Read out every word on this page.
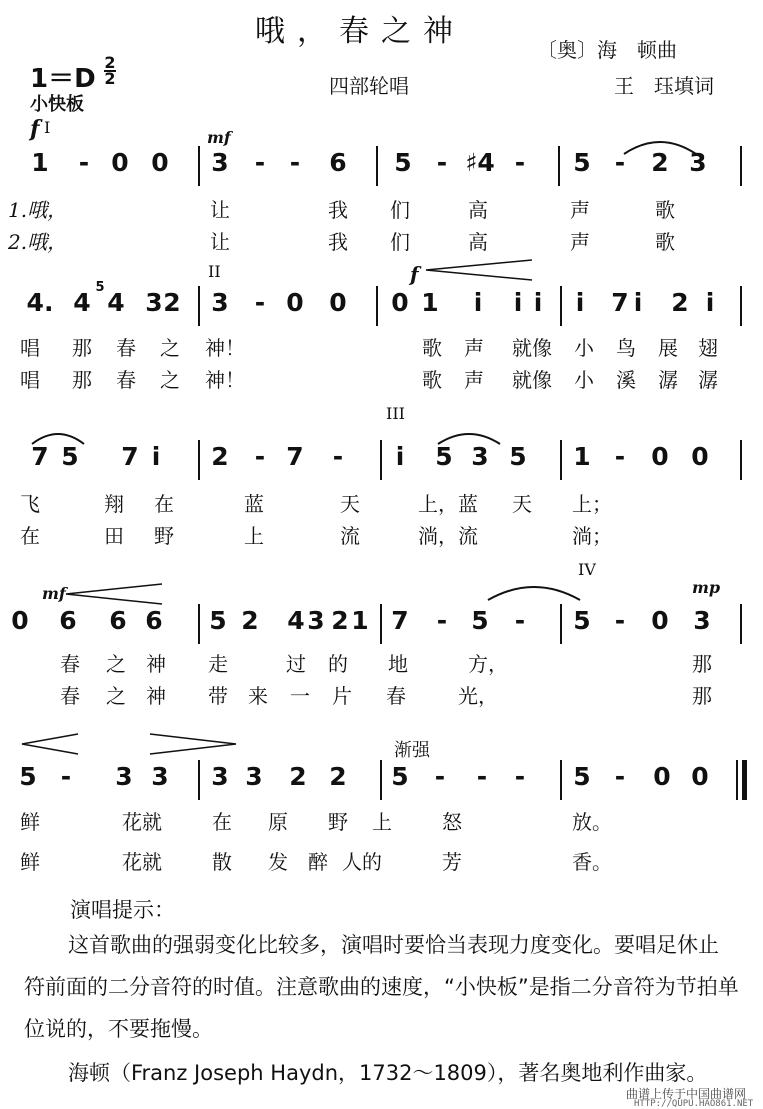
哦，春之神
〔奥〕海　顿曲
四部轮唱	王　珏填词
1＝D
2
2
小快板
f I
mf
1 - 0 0 3 - - 6 5 - ♯4 - 5 - 2 3
1.哦，	让	我 们	高	声	歌
2.哦，	让	我 们	高	声	歌
II	f
4. 4
5
4 3 2 3 - 0 0 0 1 i i i i 7 i 2 i
唱 那 春 之 神！	歌 声 就像 小 鸟 展 翅
唱 那 春 之 神！	歌 声 就像 小 溪 潺 潺
III
7 5 7 i 2 - 7 - i 5 3 5 1 - 0 0
飞	翔 在	蓝	天	上，蓝 天 上；
在	田 野	上	流	淌，流	淌；
mf
IV
mp
0 6 6 6 5 2 4 3 2 1 7 - 5 - 5 - 0 3
春 之 神 走	过 的 地	方，	那
春 之 神 带 来 一 片 春	光，	那
渐强
5 - 3 3 3 3 2 2 5 - - - 5 - 0 0
鲜	花就	在 原 野 上	怒	放。
鲜	花就	散 发 醉 人的	芳	香。
演唱提示：
这首歌曲的强弱变化比较多，演唱时要恰当表现力度变化。要唱足休止符前面的二分音符的时值。注意歌曲的速度，“小快板”是指二分音符为节拍单位说的，不要拖慢。
海顿（Franz Joseph Haydn，1732～1809），著名奥地利作曲家。
曲谱上传于中国曲谱网
HTTP://QUPU.HAO861.NET
